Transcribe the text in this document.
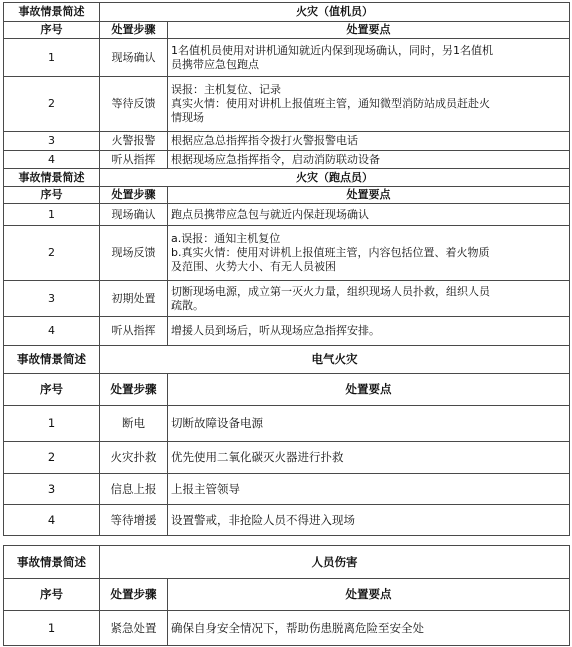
事故情景简述	火灾（值机员）	
序号	处置步骤	处置要点
1	现场确认	1名值机员使用对讲机通知就近内保到现场确认，同时，另1名值机
员携带应急包跑点

2	等待反馈	误报：主机复位、记录
真实火情：使用对讲机上报值班主管，通知微型消防站成员赶赴火
情现场

3	火警报警	根据应急总指挥指令拨打火警报警电话

4	听从指挥	根据现场应急指挥指令，启动消防联动设备
事故情景简述	火灾（跑点员）	
序号	处置步骤	处置要点
1	现场确认	跑点员携带应急包与就近内保赶现场确认

2	现场反馈	a.误报：通知主机复位
b.真实火情：使用对讲机上报值班主管，内容包括位置、着火物质
及范围、火势大小、有无人员被困

3	初期处置	切断现场电源，成立第一灭火力量，组织现场人员扑救，组织人员
疏散。

4	听从指挥	增援人员到场后，听从现场应急指挥安排。
事故情景简述	电气火灾	
序号	处置步骤	处置要点
1	断电	切断故障设备电源

2	火灾扑救	优先使用二氧化碳灭火器进行扑救

3	信息上报	上报主管领导

4	等待增援	设置警戒，非抢险人员不得进入现场
事故情景简述	人员伤害	
序号	处置步骤	处置要点
1	紧急处置	确保自身安全情况下，帮助伤患脱离危险至安全处
